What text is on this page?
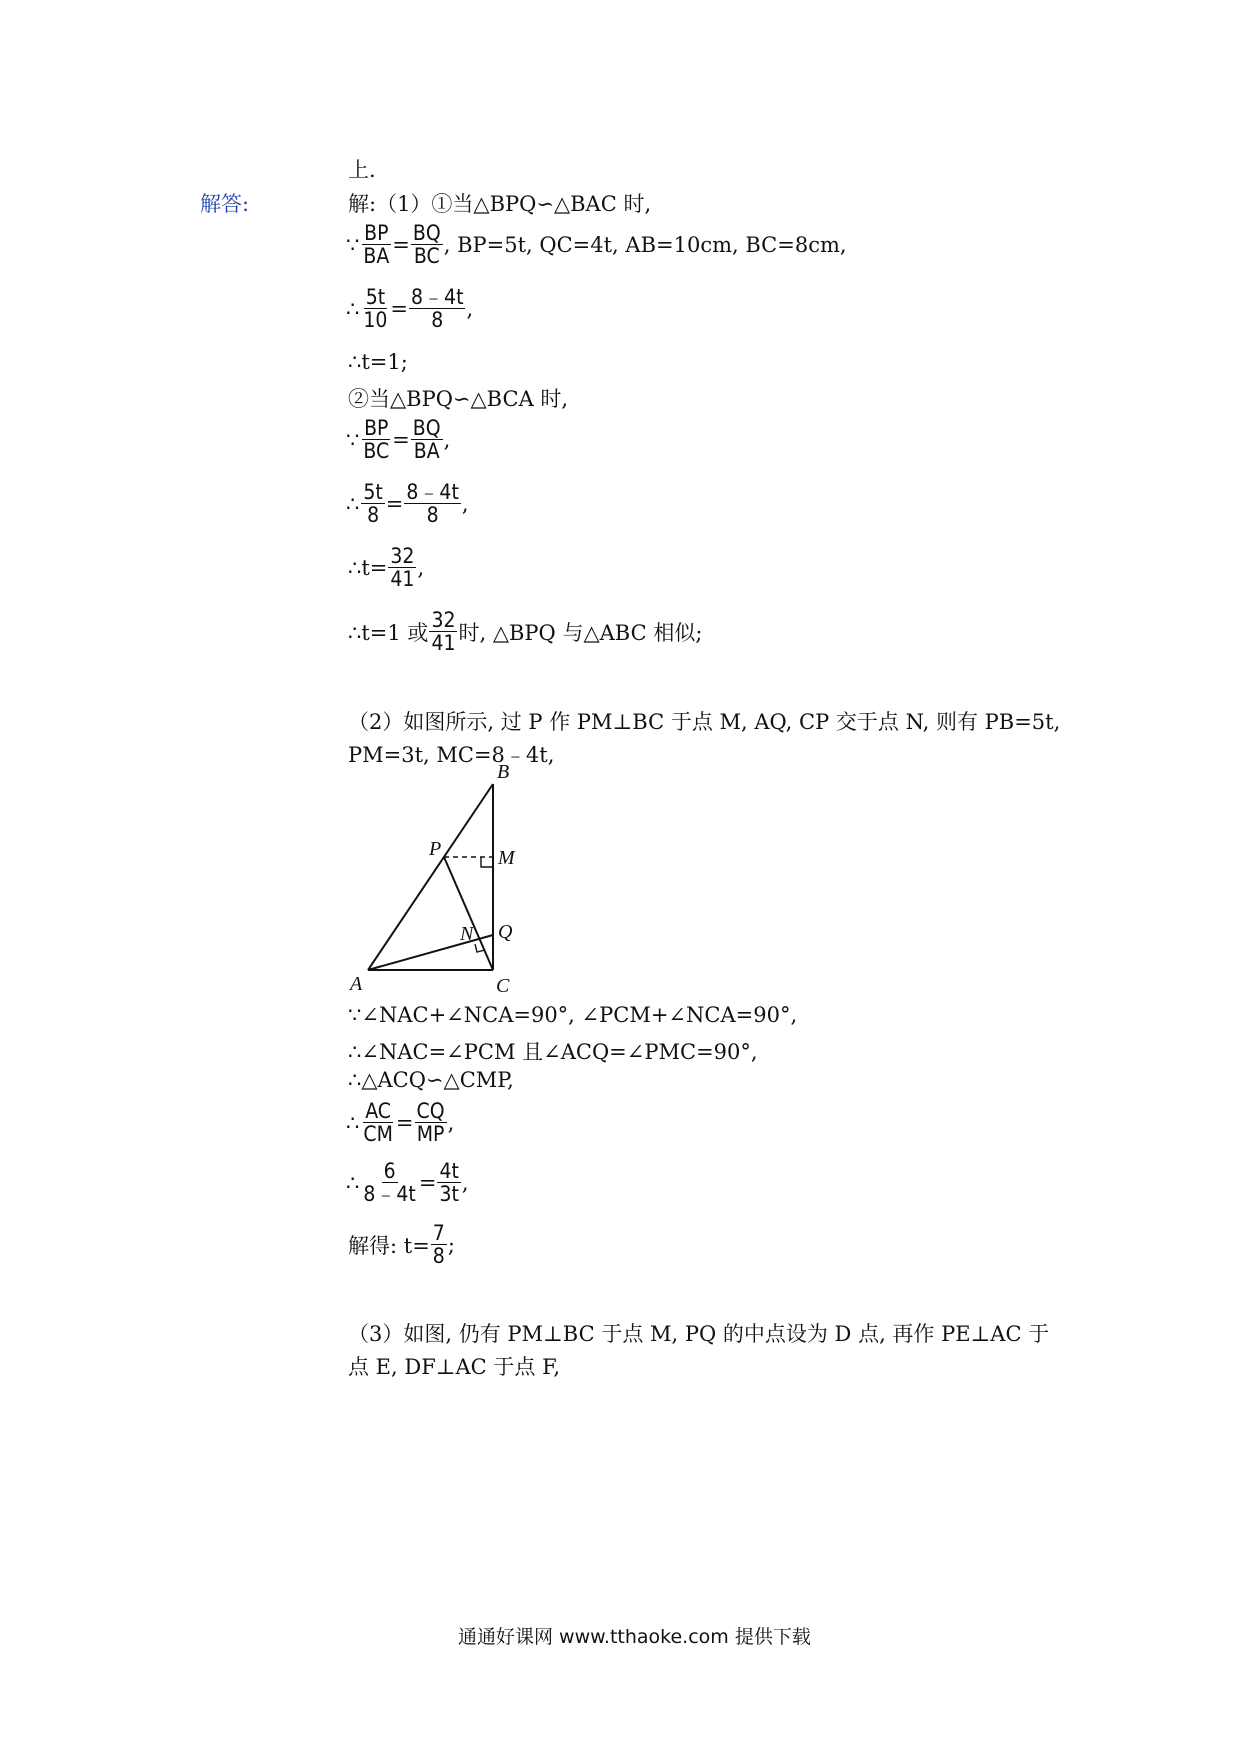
解答:
上.
解:（1）①当△BPQ∽△BAC 时,
∵ $\frac{BP}{BA} = \frac{BQ}{BC}$ , BP=5t, QC=4t, AB=10cm, BC=8cm,
∴ $\frac{5t}{10} = \frac{8﹣4t}{8}$ ,
∴t=1;
②当△BPQ∽△BCA 时,
∵ $\frac{BP}{BC} = \frac{BQ}{BA}$ ,
∴ $\frac{5t}{8} = \frac{8﹣4t}{8}$ ,
∴t= $\frac{32}{41}$ ,
∴t=1 或 $\frac{32}{41}$ 时, △BPQ 与△ABC 相似;
（2）如图所示, 过 P 作 PM⊥BC 于点 M, AQ, CP 交于点 N, 则有 PB=5t,
PM=3t, MC=8﹣4t,
B
P	M
N Q
A	C
∵∠NAC+∠NCA=90°, ∠PCM+∠NCA=90°,
∴∠NAC=∠PCM 且∠ACQ=∠PMC=90°,
∴△ACQ∽△CMP,
∴ $\frac{AC}{CM} = \frac{CQ}{MP}$ ,
∴ $\frac{6}{8﹣4t} = \frac{4t}{3t}$ ,
解得: $t= \frac{7}{8}$ ;
（3）如图, 仍有 PM⊥BC 于点 M, PQ 的中点设为 D 点, 再作 PE⊥AC 于
点 E, DF⊥AC 于点 F,
通通好课网 www.tthaoke.com 提供下载
